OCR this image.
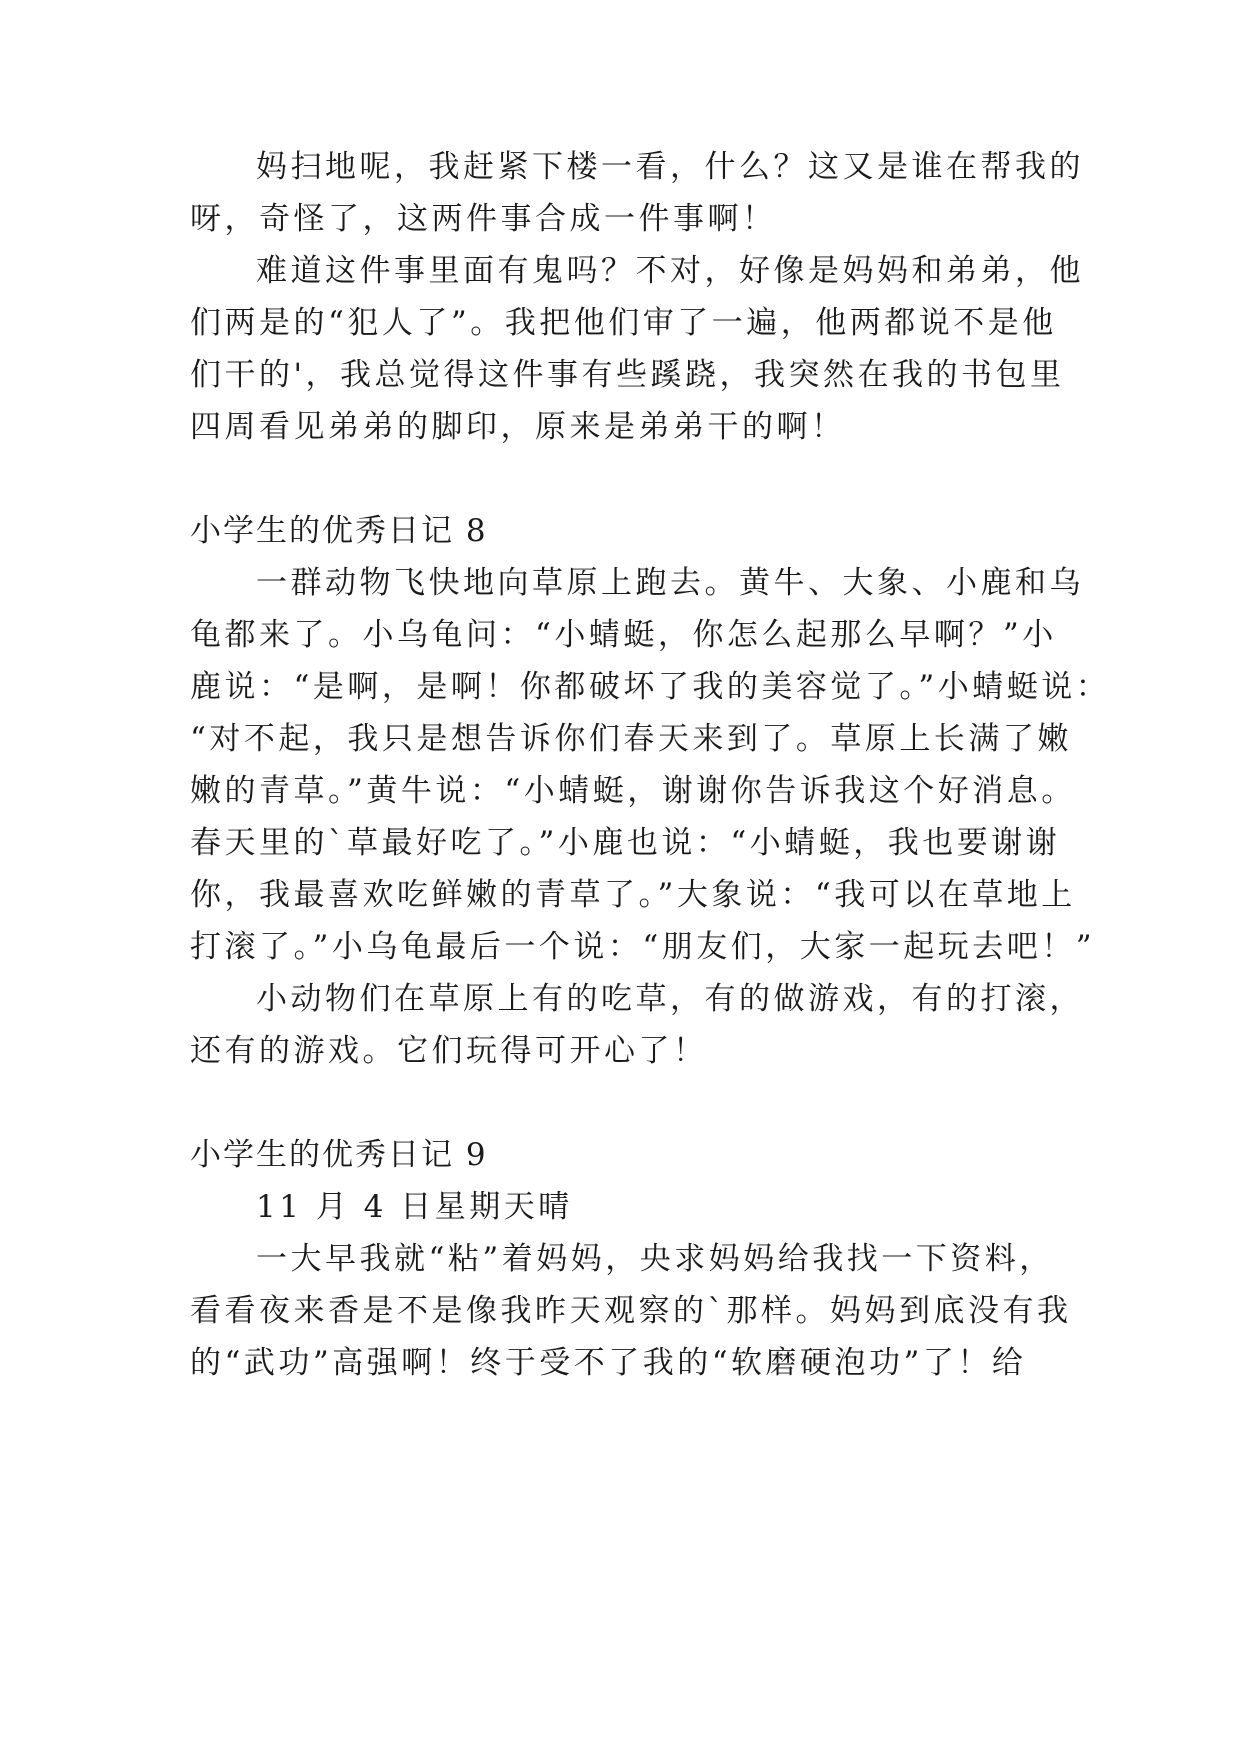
妈扫地呢，我赶紧下楼一看，什么？这又是谁在帮我的
呀，奇怪了，这两件事合成一件事啊！
难道这件事里面有鬼吗？不对，好像是妈妈和弟弟，他
们两是的“犯人了”。我把他们审了一遍，他两都说不是他
们干的'，我总觉得这件事有些蹊跷，我突然在我的书包里
四周看见弟弟的脚印，原来是弟弟干的啊！
小学生的优秀日记 8
一群动物飞快地向草原上跑去。黄牛、大象、小鹿和乌
龟都来了。小乌龟问：“小蜻蜓，你怎么起那么早啊？”小
鹿说：“是啊，是啊！你都破坏了我的美容觉了。”小蜻蜓说：
“对不起，我只是想告诉你们春天来到了。草原上长满了嫩
嫩的青草。”黄牛说：“小蜻蜓，谢谢你告诉我这个好消息。
春天里的`草最好吃了。”小鹿也说：“小蜻蜓，我也要谢谢
你，我最喜欢吃鲜嫩的青草了。”大象说：“我可以在草地上
打滚了。”小乌龟最后一个说：“朋友们，大家一起玩去吧！”
小动物们在草原上有的吃草，有的做游戏，有的打滚，
还有的游戏。它们玩得可开心了！
小学生的优秀日记 9
11 月 4 日星期天晴
一大早我就“粘”着妈妈，央求妈妈给我找一下资料，
看看夜来香是不是像我昨天观察的`那样。妈妈到底没有我
的“武功”高强啊！终于受不了我的“软磨硬泡功”了！给
